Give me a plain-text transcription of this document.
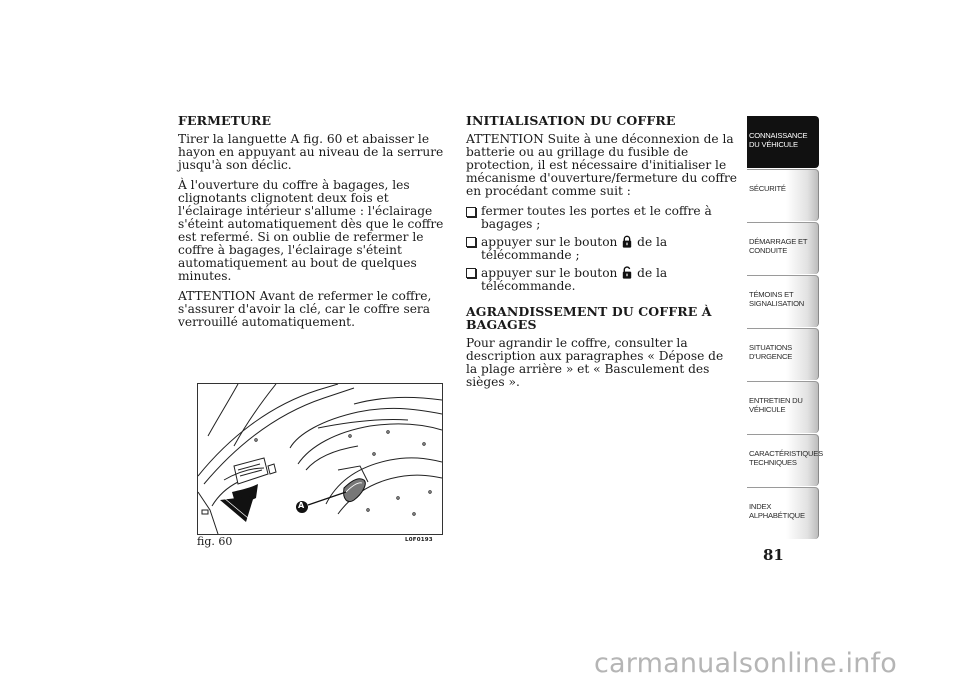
FERMETURE
Tirer la languette A fig. 60 et abaisser le hayon en appuyant au niveau de la serrure jusqu'à son déclic.
À l'ouverture du coffre à bagages, les clignotants clignotent deux fois et l'éclairage intérieur s'allume : l'éclairage s'éteint automatiquement dès que le coffre est refermé. Si on oublie de refermer le coffre à bagages, l'éclairage s'éteint automatiquement au bout de quelques minutes.
ATTENTION Avant de refermer le coffre, s'assurer d'avoir la clé, car le coffre sera verrouillé automatiquement.
INITIALISATION DU COFFRE
ATTENTION Suite à une déconnexion de la batterie ou au grillage du fusible de protection, il est nécessaire d'initialiser le mécanisme d'ouverture/fermeture du coffre en procédant comme suit :
fermer toutes les portes et le coffre à bagages ;
appuyer sur le bouton de la télécommande ;
appuyer sur le bouton de la télécommande.
AGRANDISSEMENT DU COFFRE À BAGAGES
Pour agrandir le coffre, consulter la description aux paragraphes « Dépose de la plage arrière » et « Basculement des sièges ».
A
fig. 60	L0F0193
CONNAISSANCE DU VÉHICULE
SÉCURITÉ
DÉMARRAGE ET CONDUITE
TÉMOINS ET SIGNALISATION
SITUATIONS D'URGENCE
ENTRETIEN DU VÉHICULE
CARACTÉRISTIQUES TECHNIQUES
INDEX ALPHABÉTIQUE
81
carmanualsonline.info
